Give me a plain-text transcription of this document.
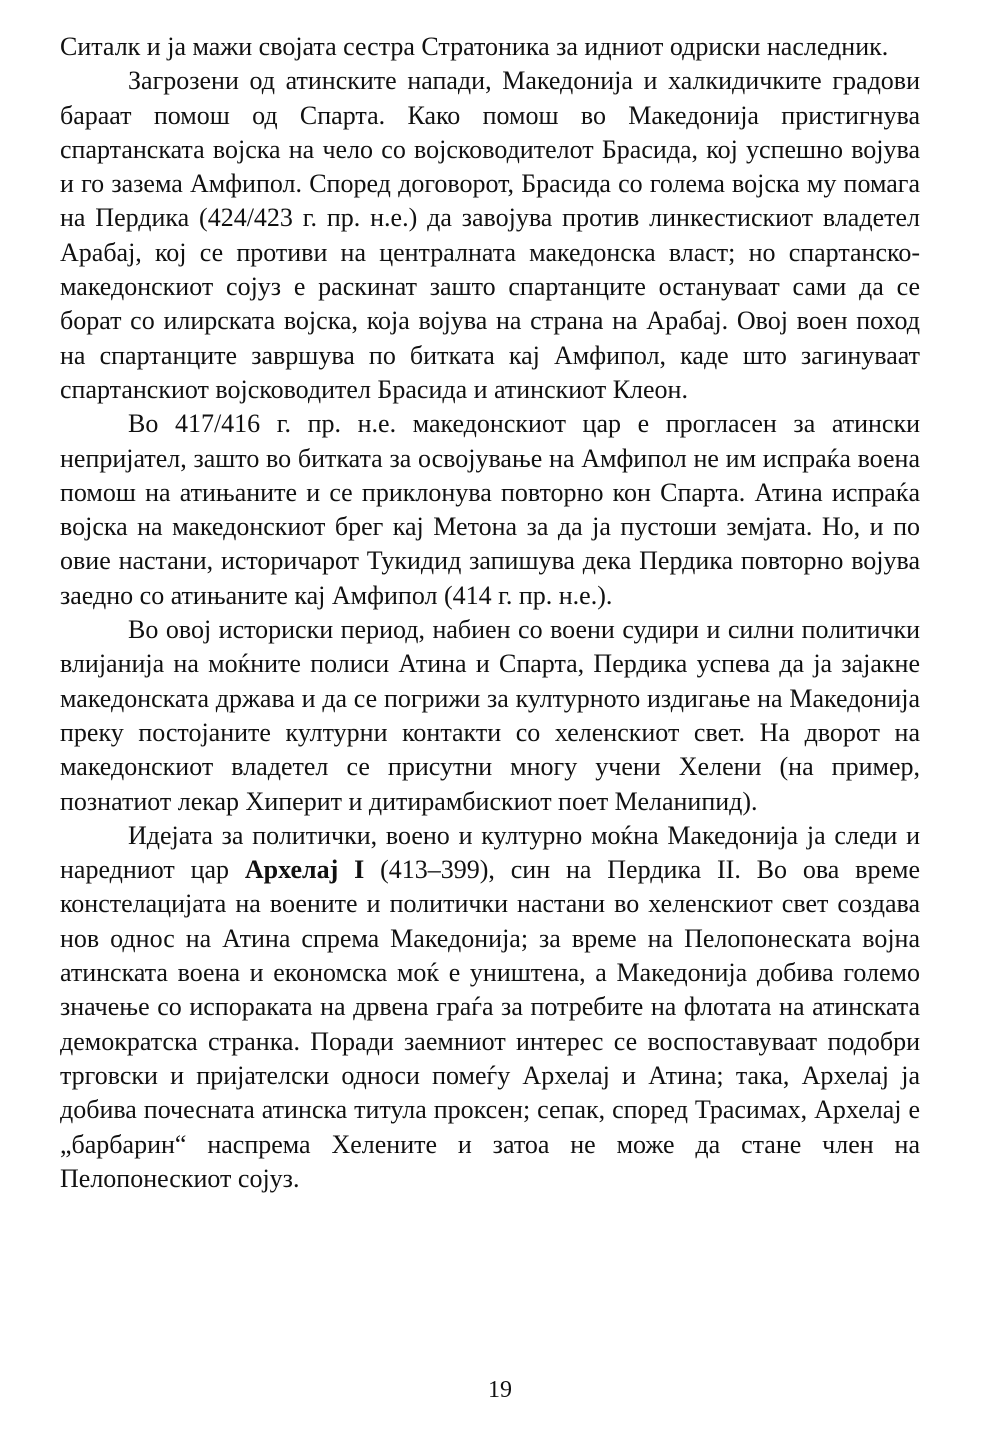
Ситалк и ја мажи својата сестра Стратоника за идниот одриски наследник.

Загрозени од атинските напади, Македонија и халкидичките градови бараат помош од Спарта. Како помош во Македонија пристигнува спартанската војска на чело со војсководителот Брасида, кој успешно војува и го зазема Амфипол. Според договорот, Брасида со голема војска му помага на Пердика (424/423 г. пр. н.е.) да завојува против линкестискиот владетел Арабај, кој се противи на централната македонска власт; но спартанско-македонскиот сојуз е раскинат зашто спартанците остануваат сами да се борат со илирската војска, која војува на страна на Арабај. Овој воен поход на спартанците завршува по битката кај Амфипол, каде што загинуваат спартанскиот војсководител Брасида и атинскиот Клеон.

Во 417/416 г. пр. н.е. македонскиот цар е прогласен за атински непријател, зашто во битката за освојување на Амфипол не им испраќа воена помош на атињаните и се приклонува повторно кон Спарта. Атина испраќа војска на македонскиот брег кај Метона за да ја пустоши земјата. Но, и по овие настани, историчарот Тукидид запишува дека Пердика повторно војува заедно со атињаните кај Амфипол (414 г. пр. н.е.).

Во овој историски период, набиен со воени судири и силни политички влијанија на моќните полиси Атина и Спарта, Пердика успева да ја зајакне македонската држава и да се погрижи за културното издигање на Македонија преку постојаните културни контакти со хеленскиот свет. На дворот на македонскиот владетел се присутни многу учени Хелени (на пример, познатиот лекар Хиперит и дитирамбискиот поет Меланипид).

Идејата за политички, воено и културно моќна Македонија ја следи и наредниот цар Архелај I (413–399), син на Пердика II. Во ова време констелацијата на воените и политички настани во хеленскиот свет создава нов однос на Атина спрема Македонија; за време на Пелопонеската војна атинската воена и економска моќ е уништена, а Македонија добива големо значење со испораката на дрвена граѓа за потребите на флотата на атинската демократска странка. Поради заемниот интерес се воспоставуваат подобри трговски и пријателски односи помеѓу Архелај и Атина; така, Архелај ја добива почесната атинска титула проксен; сепак, според Трасимах, Архелај е „барбарин“ наспрема Хелените и затоа не може да стане член на Пелопонескиот сојуз.

19
